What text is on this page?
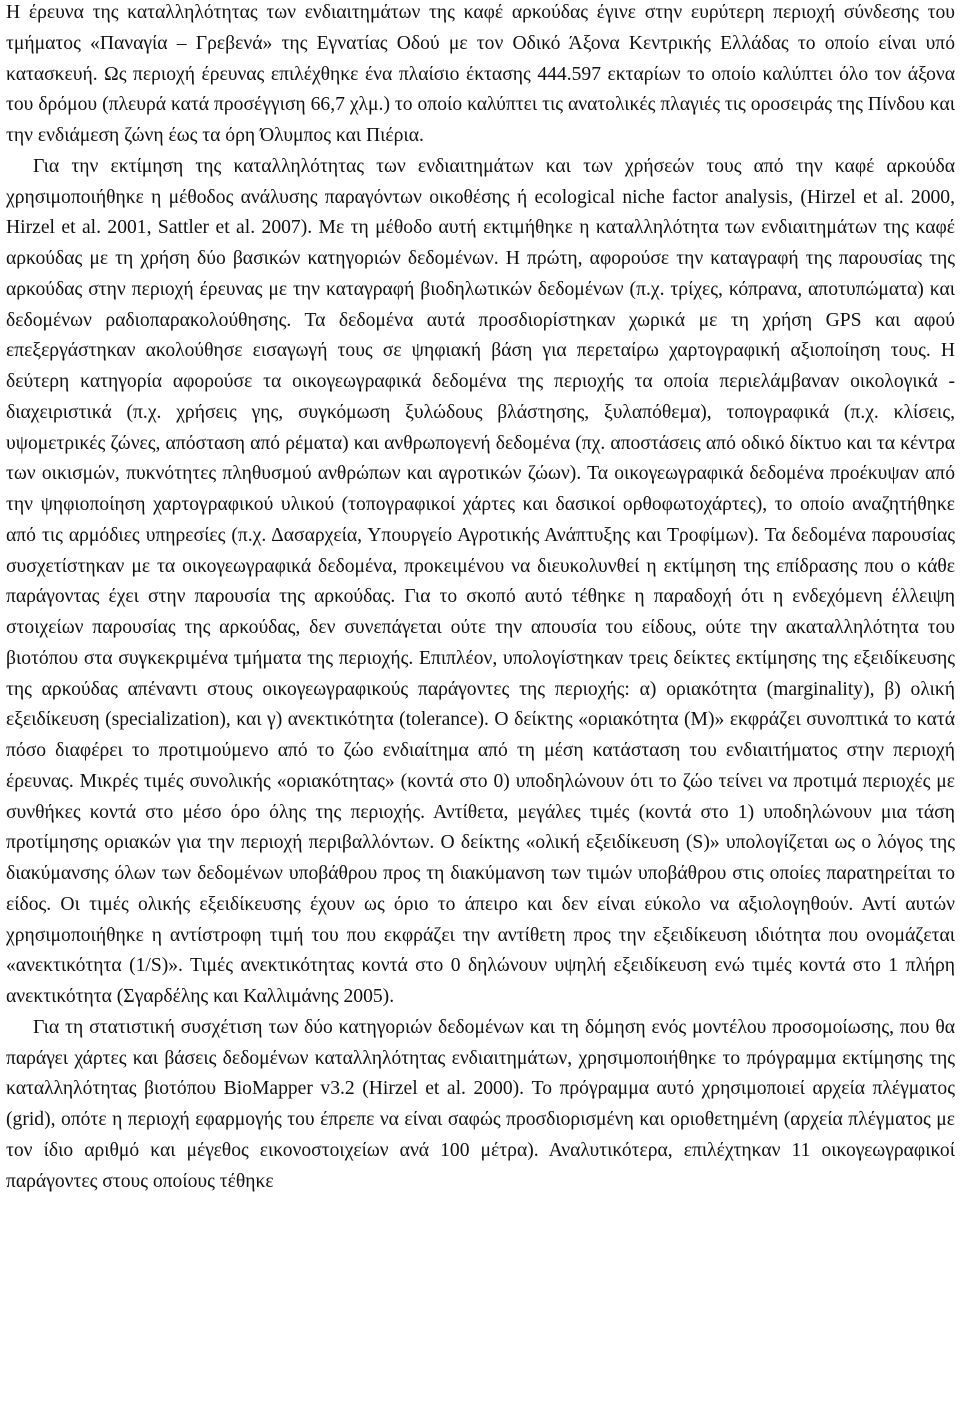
Η έρευνα της καταλληλότητας των ενδιαιτημάτων της καφέ αρκούδας έγινε στην ευρύτερη περιοχή σύνδεσης του τμήματος «Παναγία – Γρεβενά» της Εγνατίας Οδού με τον Οδικό Άξονα Κεντρικής Ελλάδας το οποίο είναι υπό κατασκευή. Ως περιοχή έρευνας επιλέχθηκε ένα πλαίσιο έκτασης 444.597 εκταρίων το οποίο καλύπτει όλο τον άξονα του δρόμου (πλευρά κατά προσέγγιση 66,7 χλμ.) το οποίο καλύπτει τις ανατολικές πλαγιές τις οροσειράς της Πίνδου και την ενδιάμεση ζώνη έως τα όρη Όλυμπος και Πιέρια.
Για την εκτίμηση της καταλληλότητας των ενδιαιτημάτων και των χρήσεών τους από την καφέ αρκούδα χρησιμοποιήθηκε η μέθοδος ανάλυσης παραγόντων οικοθέσης ή ecological niche factor analysis, (Hirzel et al. 2000, Hirzel et al. 2001, Sattler et al. 2007). Με τη μέθοδο αυτή εκτιμήθηκε η καταλληλότητα των ενδιαιτημάτων της καφέ αρκούδας με τη χρήση δύο βασικών κατηγοριών δεδομένων. Η πρώτη, αφορούσε την καταγραφή της παρουσίας της αρκούδας στην περιοχή έρευνας με την καταγραφή βιοδηλωτικών δεδομένων (π.χ. τρίχες, κόπρανα, αποτυπώματα) και δεδομένων ραδιοπαρακολούθησης. Τα δεδομένα αυτά προσδιορίστηκαν χωρικά με τη χρήση GPS και αφού επεξεργάστηκαν ακολούθησε εισαγωγή τους σε ψηφιακή βάση για περεταίρω χαρτογραφική αξιοποίηση τους. Η δεύτερη κατηγορία αφορούσε τα οικογεωγραφικά δεδομένα της περιοχής τα οποία περιελάμβαναν οικολογικά - διαχειριστικά (π.χ. χρήσεις γης, συγκόμωση ξυλώδους βλάστησης, ξυλαπόθεμα), τοπογραφικά (π.χ. κλίσεις, υψομετρικές ζώνες, απόσταση από ρέματα) και ανθρωπογενή δεδομένα (πχ. αποστάσεις από οδικό δίκτυο και τα κέντρα των οικισμών, πυκνότητες πληθυσμού ανθρώπων και αγροτικών ζώων). Τα οικογεωγραφικά δεδομένα προέκυψαν από την ψηφιοποίηση χαρτογραφικού υλικού (τοπογραφικοί χάρτες και δασικοί ορθοφωτοχάρτες), το οποίο αναζητήθηκε από τις αρμόδιες υπηρεσίες (π.χ. Δασαρχεία, Υπουργείο Αγροτικής Ανάπτυξης και Τροφίμων). Τα δεδομένα παρουσίας συσχετίστηκαν με τα οικογεωγραφικά δεδομένα, προκειμένου να διευκολυνθεί η εκτίμηση της επίδρασης που ο κάθε παράγοντας έχει στην παρουσία της αρκούδας. Για το σκοπό αυτό τέθηκε η παραδοχή ότι η ενδεχόμενη έλλειψη στοιχείων παρουσίας της αρκούδας, δεν συνεπάγεται ούτε την απουσία του είδους, ούτε την ακαταλληλότητα του βιοτόπου στα συγκεκριμένα τμήματα της περιοχής. Επιπλέον, υπολογίστηκαν τρεις δείκτες εκτίμησης της εξειδίκευσης της αρκούδας απέναντι στους οικογεωγραφικούς παράγοντες της περιοχής: α) οριακότητα (marginality), β) ολική εξειδίκευση (specialization), και γ) ανεκτικότητα (tolerance). Ο δείκτης «οριακότητα (Μ)» εκφράζει συνοπτικά το κατά πόσο διαφέρει το προτιμούμενο από το ζώο ενδιαίτημα από τη μέση κατάσταση του ενδιαιτήματος στην περιοχή έρευνας. Μικρές τιμές συνολικής «οριακότητας» (κοντά στο 0) υποδηλώνουν ότι το ζώο τείνει να προτιμά περιοχές με συνθήκες κοντά στο μέσο όρο όλης της περιοχής. Αντίθετα, μεγάλες τιμές (κοντά στο 1) υποδηλώνουν μια τάση προτίμησης οριακών για την περιοχή περιβαλλόντων. Ο δείκτης «ολική εξειδίκευση (S)» υπολογίζεται ως ο λόγος της διακύμανσης όλων των δεδομένων υποβάθρου προς τη διακύμανση των τιμών υποβάθρου στις οποίες παρατηρείται το είδος. Οι τιμές ολικής εξειδίκευσης έχουν ως όριο το άπειρο και δεν είναι εύκολο να αξιολογηθούν. Αντί αυτών χρησιμοποιήθηκε η αντίστροφη τιμή του που εκφράζει την αντίθετη προς την εξειδίκευση ιδιότητα που ονομάζεται «ανεκτικότητα (1/S)». Τιμές ανεκτικότητας κοντά στο 0 δηλώνουν υψηλή εξειδίκευση ενώ τιμές κοντά στο 1 πλήρη ανεκτικότητα (Σγαρδέλης και Καλλιμάνης 2005).
Για τη στατιστική συσχέτιση των δύο κατηγοριών δεδομένων και τη δόμηση ενός μοντέλου προσομοίωσης, που θα παράγει χάρτες και βάσεις δεδομένων καταλληλότητας ενδιαιτημάτων, χρησιμοποιήθηκε το πρόγραμμα εκτίμησης της καταλληλότητας βιοτόπου BioMapper v3.2 (Hirzel et al. 2000). Το πρόγραμμα αυτό χρησιμοποιεί αρχεία πλέγματος (grid), οπότε η περιοχή εφαρμογής του έπρεπε να είναι σαφώς προσδιορισμένη και οριοθετημένη (αρχεία πλέγματος με τον ίδιο αριθμό και μέγεθος εικονοστοιχείων ανά 100 μέτρα). Αναλυτικότερα, επιλέχτηκαν 11 οικογεωγραφικοί παράγοντες στους οποίους τέθηκε
